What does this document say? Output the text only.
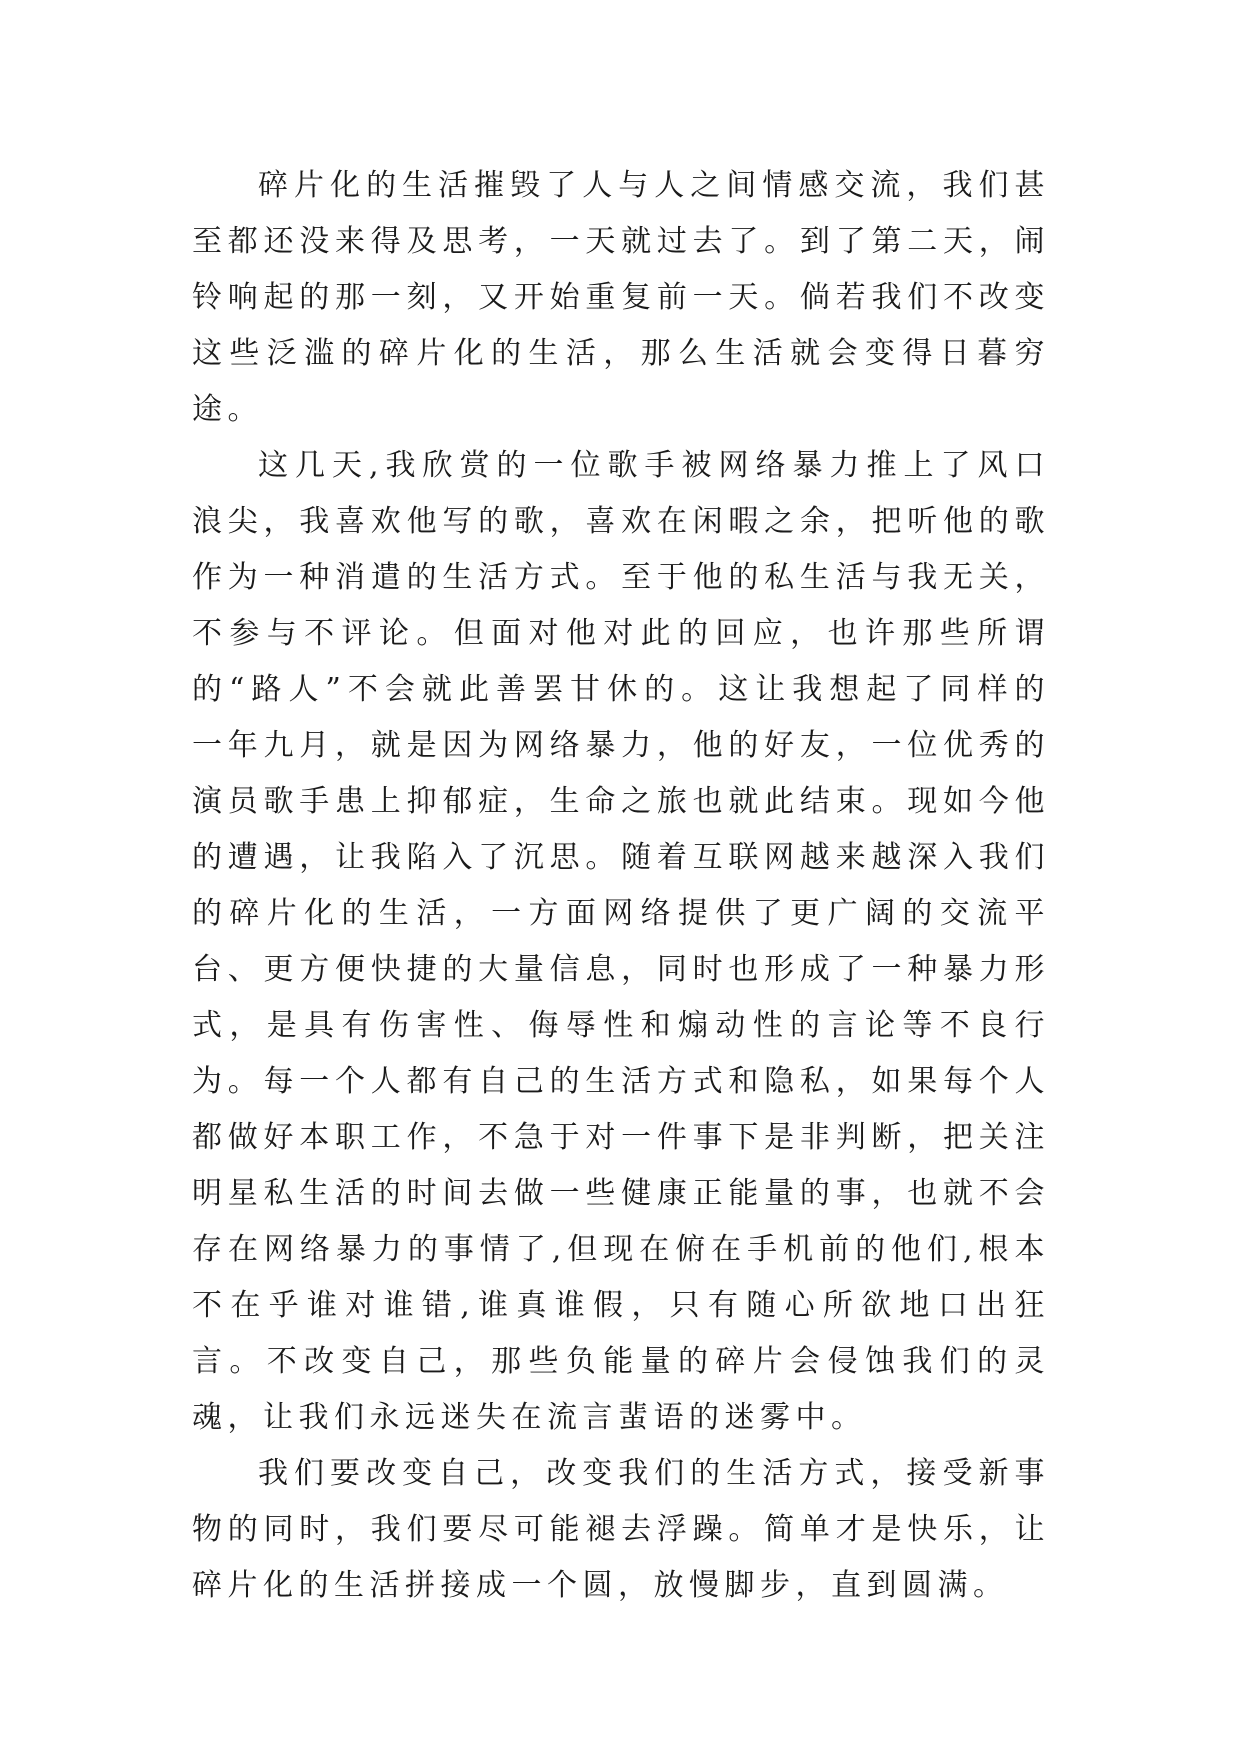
碎片化的生活摧毁了人与人之间情感交流，我们甚至都还没来得及思考，一天就过去了。到了第二天，闹铃响起的那一刻，又开始重复前一天。倘若我们不改变这些泛滥的碎片化的生活，那么生活就会变得日暮穷途。

这几天,我欣赏的一位歌手被网络暴力推上了风口浪尖，我喜欢他写的歌，喜欢在闲暇之余，把听他的歌作为一种消遣的生活方式。至于他的私生活与我无关，不参与不评论。但面对他对此的回应，也许那些所谓的“路人”不会就此善罢甘休的。这让我想起了同样的一年九月，就是因为网络暴力，他的好友，一位优秀的演员歌手患上抑郁症，生命之旅也就此结束。现如今他的遭遇，让我陷入了沉思。随着互联网越来越深入我们的碎片化的生活，一方面网络提供了更广阔的交流平台、更方便快捷的大量信息，同时也形成了一种暴力形式，是具有伤害性、侮辱性和煽动性的言论等不良行为。每一个人都有自己的生活方式和隐私，如果每个人都做好本职工作，不急于对一件事下是非判断，把关注明星私生活的时间去做一些健康正能量的事，也就不会存在网络暴力的事情了,但现在俯在手机前的他们,根本不在乎谁对谁错,谁真谁假，只有随心所欲地口出狂言。不改变自己，那些负能量的碎片会侵蚀我们的灵魂，让我们永远迷失在流言蜚语的迷雾中。

我们要改变自己，改变我们的生活方式，接受新事物的同时，我们要尽可能褪去浮躁。简单才是快乐，让碎片化的生活拼接成一个圆，放慢脚步，直到圆满。
